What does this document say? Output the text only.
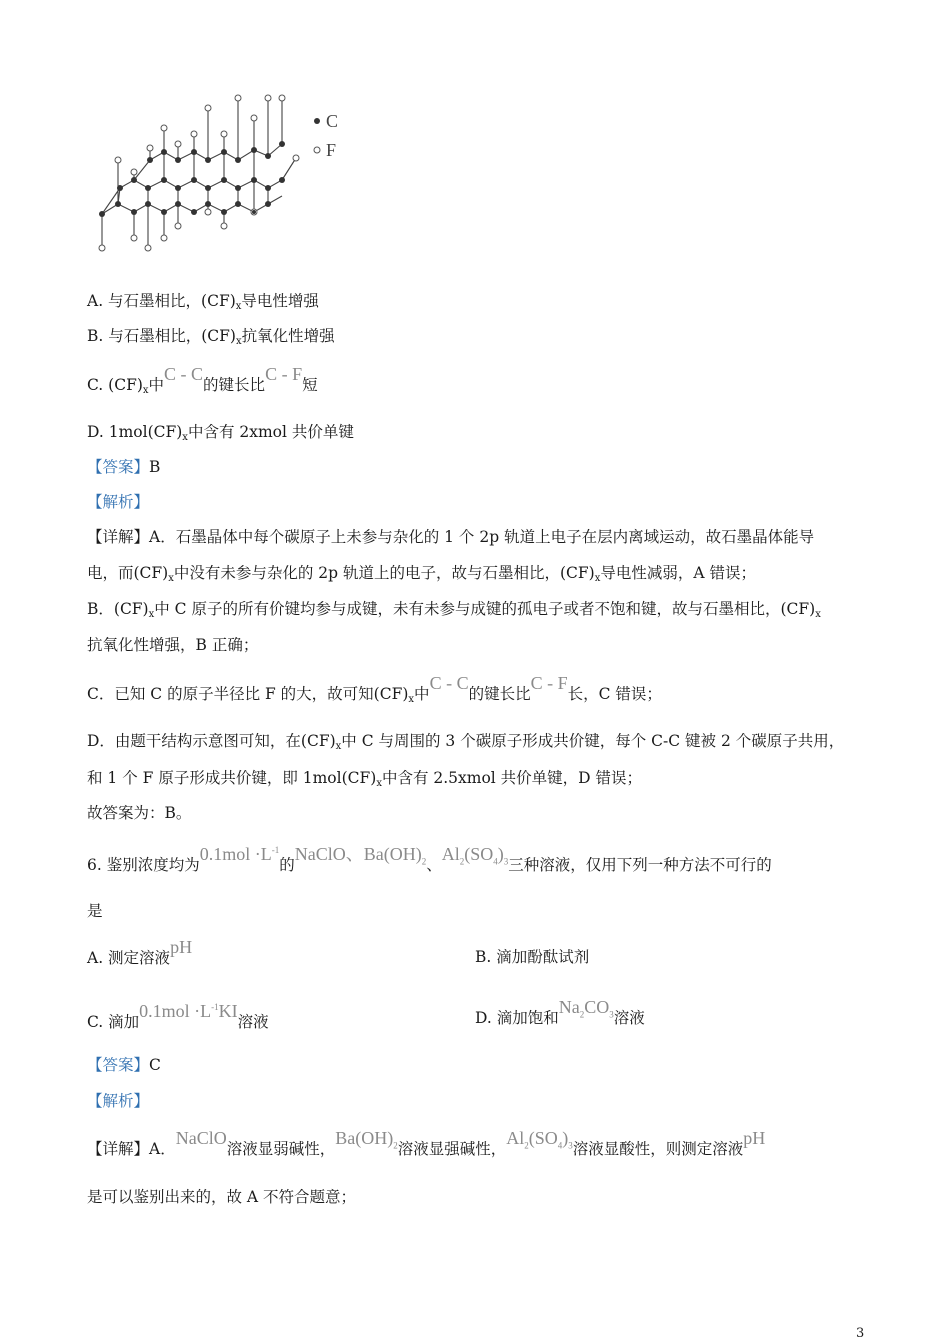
C
F
A. 与石墨相比，$(CF)_x$导电性增强
B. 与石墨相比，$(CF)_x$抗氧化性增强
C. $(CF)_x$中C - C的键长比C - F短
D. $1mol(CF)_x$中含有 2xmol 共价单键
【答案】B
【解析】
【详解】A．石墨晶体中每个碳原子上未参与杂化的 1 个 2p 轨道上电子在层内离域运动，故石墨晶体能导
电，而$(CF)_x$中没有未参与杂化的 2p 轨道上的电子，故与石墨相比，$(CF)_x$导电性减弱，A 错误；
B．$(CF)_x$中 C 原子的所有价键均参与成键，未有未参与成键的孤电子或者不饱和键，故与石墨相比，$(CF)_x$
抗氧化性增强，B 正确；
C．已知 C 的原子半径比 F 的大，故可知$(CF)_x$中C - C的键长比C - F长，C 错误；
D．由题干结构示意图可知，在$(CF)_x$中 C 与周围的 3 个碳原子形成共价键，每个 C-C 键被 2 个碳原子共用，
和 1 个 F 原子形成共价键，即 $1mol(CF)_x$中含有 2.5xmol 共价单键，D 错误；
故答案为：B。
6. 鉴别浓度均为$0.1mol \cdot L^{-1}$的NaClO、$Ba(OH)_2$、$Al_2(SO_4)_3$三种溶液，仅用下列一种方法不可行的
是
A. 测定溶液pH	B. 滴加酚酞试剂
C. 滴加$0.1mol \cdot L^{-1}KI$溶液	D. 滴加饱和$Na_2CO_3$溶液
【答案】C
【解析】
【详解】A．NaClO溶液显弱碱性，$Ba(OH)_2$溶液显强碱性，$Al_2(SO_4)_3$溶液显酸性，则测定溶液pH
是可以鉴别出来的，故 A 不符合题意；
3
